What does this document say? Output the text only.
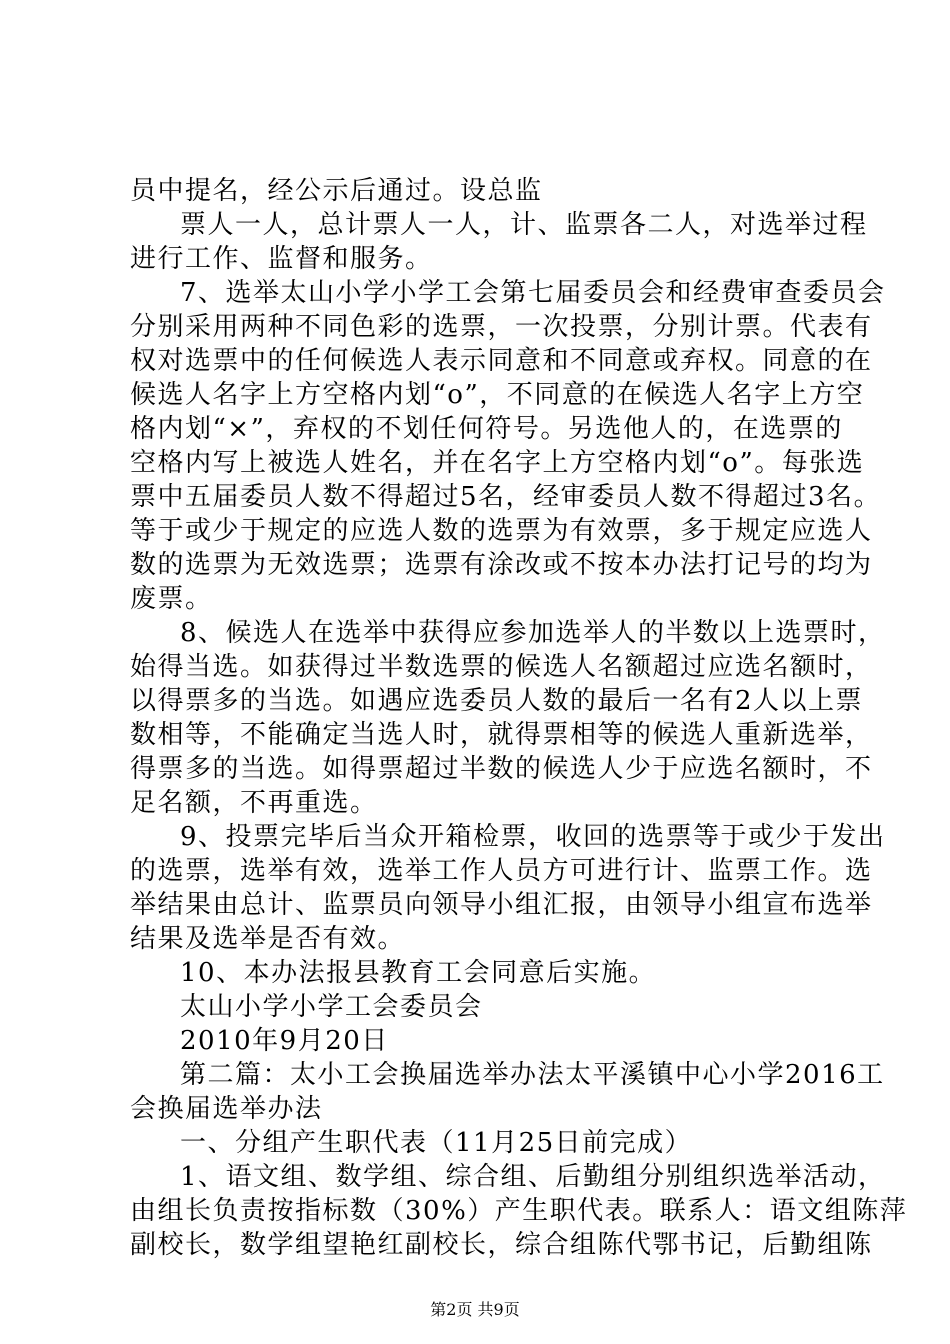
员中提名，经公示后通过。设总监
票人一人，总计票人一人，计、监票各二人，对选举过程
进行工作、监督和服务。
7、选举太山小学小学工会第七届委员会和经费审查委员会
分别采用两种不同色彩的选票，一次投票，分别计票。代表有
权对选票中的任何候选人表示同意和不同意或弃权。同意的在
候选人名字上方空格内划“o”，不同意的在候选人名字上方空
格内划“×”，弃权的不划任何符号。另选他人的，在选票的
空格内写上被选人姓名，并在名字上方空格内划“o”。每张选
票中五届委员人数不得超过5名，经审委员人数不得超过3名。
等于或少于规定的应选人数的选票为有效票，多于规定应选人
数的选票为无效选票；选票有涂改或不按本办法打记号的均为
废票。
8、候选人在选举中获得应参加选举人的半数以上选票时，
始得当选。如获得过半数选票的候选人名额超过应选名额时，
以得票多的当选。如遇应选委员人数的最后一名有2人以上票
数相等，不能确定当选人时，就得票相等的候选人重新选举，
得票多的当选。如得票超过半数的候选人少于应选名额时，不
足名额，不再重选。
9、投票完毕后当众开箱检票，收回的选票等于或少于发出
的选票，选举有效，选举工作人员方可进行计、监票工作。选
举结果由总计、监票员向领导小组汇报，由领导小组宣布选举
结果及选举是否有效。
10、本办法报县教育工会同意后实施。
太山小学小学工会委员会
2010年9月20日
第二篇：太小工会换届选举办法太平溪镇中心小学2016工
会换届选举办法
一、分组产生职代表（11月25日前完成）
1、语文组、数学组、综合组、后勤组分别组织选举活动，
由组长负责按指标数（30%）产生职代表。联系人：语文组陈萍
副校长，数学组望艳红副校长，综合组陈代鄂书记，后勤组陈
第2页 共9页
